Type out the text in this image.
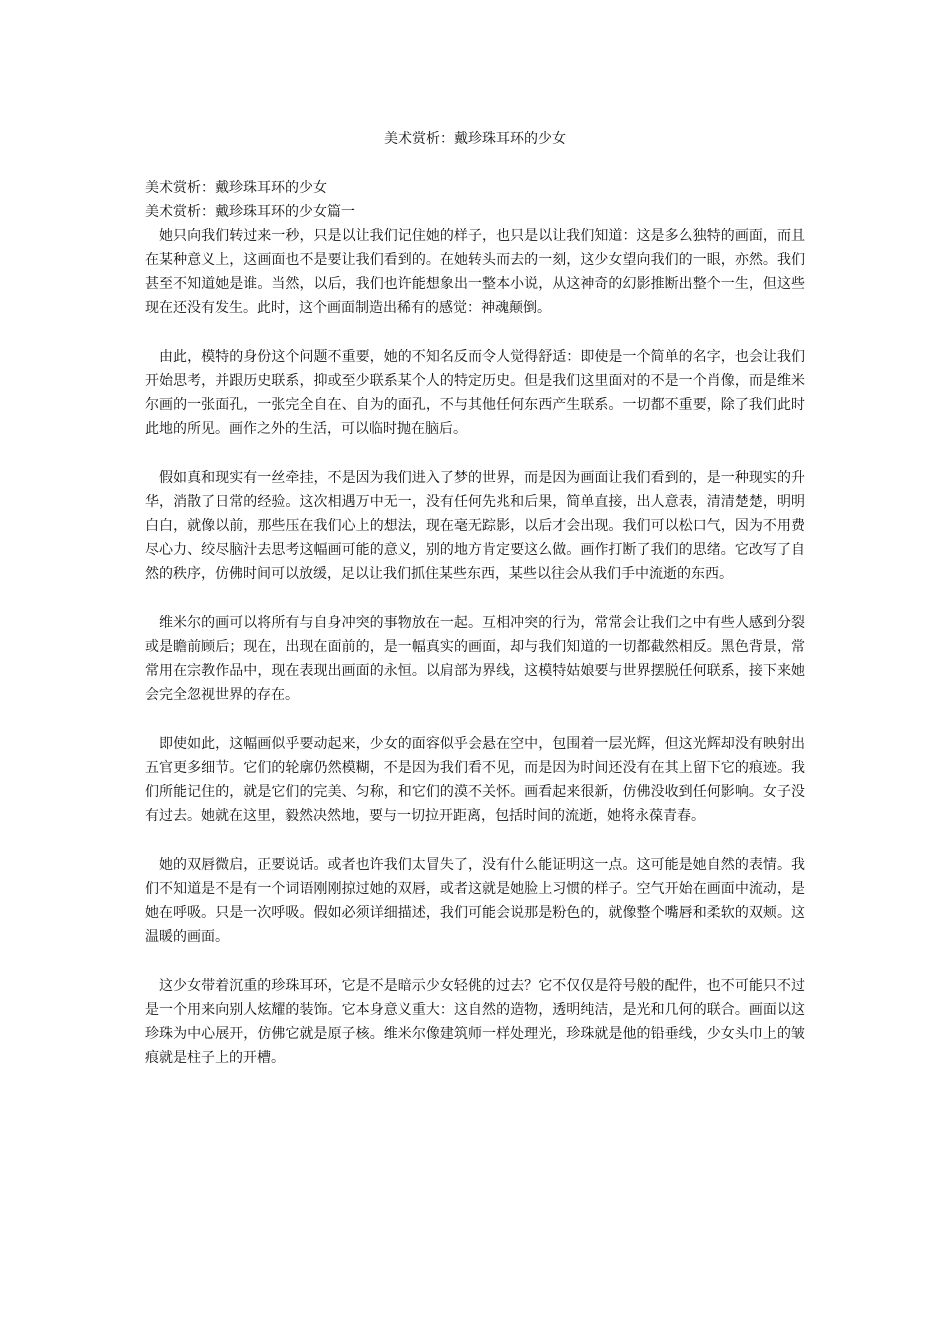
美术赏析：戴珍珠耳环的少女

美术赏析：戴珍珠耳环的少女

美术赏析：戴珍珠耳环的少女篇一

她只向我们转过来一秒，只是以让我们记住她的样子，也只是以让我们知道：这是多么独特的画面，而且在某种意义上，这画面也不是要让我们看到的。在她转头而去的一刻，这少女望向我们的一眼，亦然。我们甚至不知道她是谁。当然，以后，我们也许能想象出一整本小说，从这神奇的幻影推断出整个一生，但这些现在还没有发生。此时，这个画面制造出稀有的感觉：神魂颠倒。

由此，模特的身份这个问题不重要，她的不知名反而令人觉得舒适：即使是一个简单的名字，也会让我们开始思考，并跟历史联系，抑或至少联系某个人的特定历史。但是我们这里面对的不是一个肖像，而是维米尔画的一张面孔，一张完全自在、自为的面孔，不与其他任何东西产生联系。一切都不重要，除了我们此时此地的所见。画作之外的生活，可以临时抛在脑后。

假如真和现实有一丝牵挂，不是因为我们进入了梦的世界，而是因为画面让我们看到的，是一种现实的升华，消散了日常的经验。这次相遇万中无一，没有任何先兆和后果，简单直接，出人意表，清清楚楚，明明白白，就像以前，那些压在我们心上的想法，现在毫无踪影，以后才会出现。我们可以松口气，因为不用费尽心力、绞尽脑汁去思考这幅画可能的意义，别的地方肯定要这么做。画作打断了我们的思绪。它改写了自然的秩序，仿佛时间可以放缓，足以让我们抓住某些东西，某些以往会从我们手中流逝的东西。

维米尔的画可以将所有与自身冲突的事物放在一起。互相冲突的行为，常常会让我们之中有些人感到分裂或是瞻前顾后；现在，出现在面前的，是一幅真实的画面，却与我们知道的一切都截然相反。黑色背景，常常用在宗教作品中，现在表现出画面的永恒。以肩部为界线，这模特姑娘要与世界摆脱任何联系，接下来她会完全忽视世界的存在。

即使如此，这幅画似乎要动起来，少女的面容似乎会悬在空中，包围着一层光辉，但这光辉却没有映射出五官更多细节。它们的轮廓仍然模糊，不是因为我们看不见，而是因为时间还没有在其上留下它的痕迹。我们所能记住的，就是它们的完美、匀称，和它们的漠不关怀。画看起来很新，仿佛没收到任何影响。女子没有过去。她就在这里，毅然决然地，要与一切拉开距离，包括时间的流逝，她将永葆青春。

她的双唇微启，正要说话。或者也许我们太冒失了，没有什么能证明这一点。这可能是她自然的表情。我们不知道是不是有一个词语刚刚掠过她的双唇，或者这就是她脸上习惯的样子。空气开始在画面中流动，是她在呼吸。只是一次呼吸。假如必须详细描述，我们可能会说那是粉色的，就像整个嘴唇和柔软的双颊。这温暖的画面。

这少女带着沉重的珍珠耳环，它是不是暗示少女轻佻的过去？它不仅仅是符号般的配件，也不可能只不过是一个用来向别人炫耀的装饰。它本身意义重大：这自然的造物，透明纯洁，是光和几何的联合。画面以这珍珠为中心展开，仿佛它就是原子核。维米尔像建筑师一样处理光，珍珠就是他的铅垂线，少女头巾上的皱痕就是柱子上的开槽。
